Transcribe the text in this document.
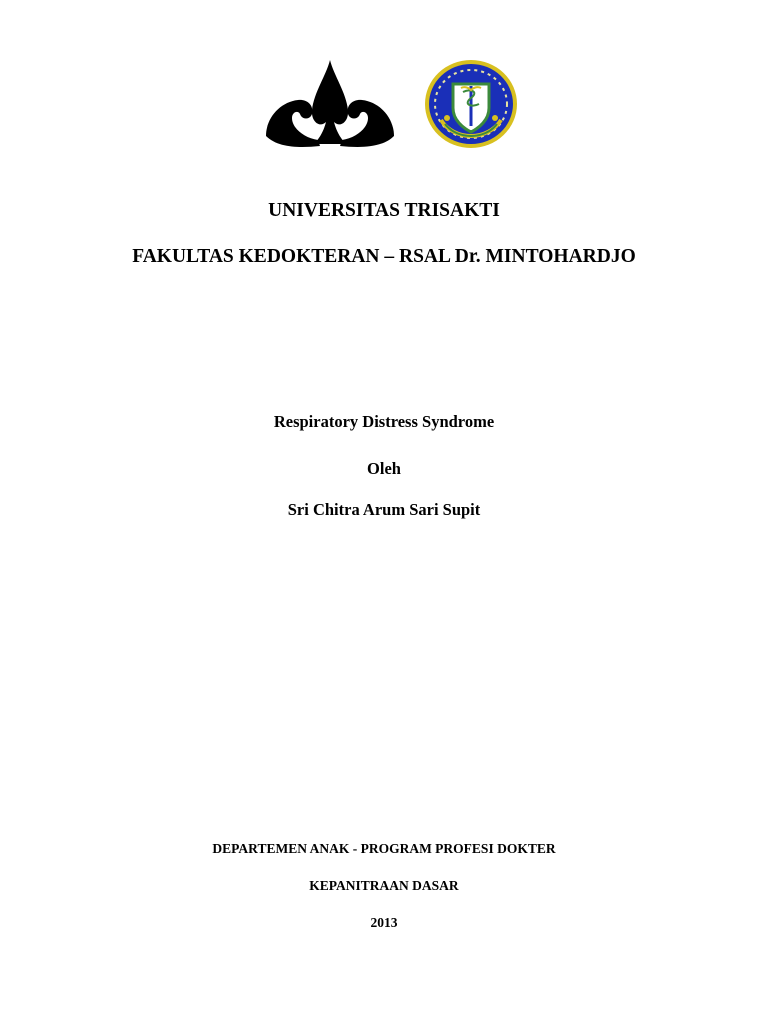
UNIVERSITAS TRISAKTI
FAKULTAS KEDOKTERAN – RSAL Dr. MINTOHARDJO
Respiratory Distress Syndrome
Oleh
Sri Chitra Arum Sari Supit
DEPARTEMEN ANAK - PROGRAM PROFESI DOKTER
KEPANITRAAN DASAR
2013
